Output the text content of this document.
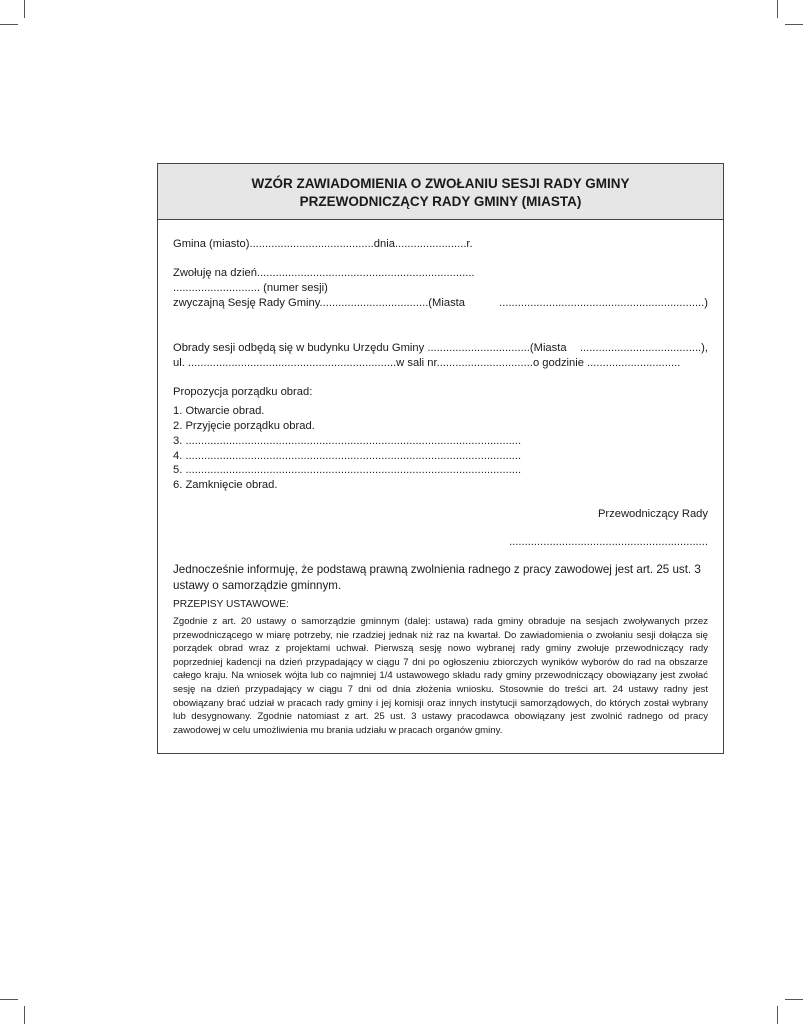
WZÓR ZAWIADOMIENIA O ZWOŁANIU SESJI RADY GMINY
PRZEWODNICZĄCY RADY GMINY (MIASTA)
Gmina (miasto)........................................dnia.......................r.
Zwołuję na dzień......................................................................
............................ (numer sesji)
zwyczajną Sesję Rady Gminy...................................(Miasta	..................................................................)
Obrady sesji odbędą się w budynku Urzędu Gminy .................................(Miasta .......................................),
ul. ...................................................................w sali nr...............................o godzinie ..............................
Propozycja porządku obrad:
1. Otwarcie obrad.
2. Przyjęcie porządku obrad.
3. ............................................................................................................
4. ............................................................................................................
5. ............................................................................................................
6. Zamknięcie obrad.
Przewodniczący Rady
................................................................
Jednocześnie informuję, że podstawą prawną zwolnienia radnego z pracy zawodowej jest art. 25 ust. 3 ustawy o samorządzie gminnym.
PRZEPISY USTAWOWE:
Zgodnie z art. 20 ustawy o samorządzie gminnym (dalej: ustawa) rada gminy obraduje na sesjach zwoływanych przez przewodniczącego w miarę potrzeby, nie rzadziej jednak niż raz na kwartał. Do zawiadomienia o zwołaniu sesji dołącza się porządek obrad wraz z projektami uchwał. Pierwszą sesję nowo wybranej rady gminy zwołuje przewodniczący rady poprzedniej kadencji na dzień przypadający w ciągu 7 dni po ogłoszeniu zbiorczych wyników wyborów do rad na obszarze całego kraju. Na wniosek wójta lub co najmniej 1/4 ustawowego składu rady gminy przewodniczący obowiązany jest zwołać sesję na dzień przypadający w ciągu 7 dni od dnia złożenia wniosku. Stosownie do treści art. 24 ustawy radny jest obowiązany brać udział w pracach rady gminy i jej komisji oraz innych instytucji samorządowych, do których został wybrany lub desygnowany. Zgodnie natomiast z art. 25 ust. 3 ustawy pracodawca obowiązany jest zwolnić radnego od pracy zawodowej w celu umożliwienia mu brania udziału w pracach organów gminy.
